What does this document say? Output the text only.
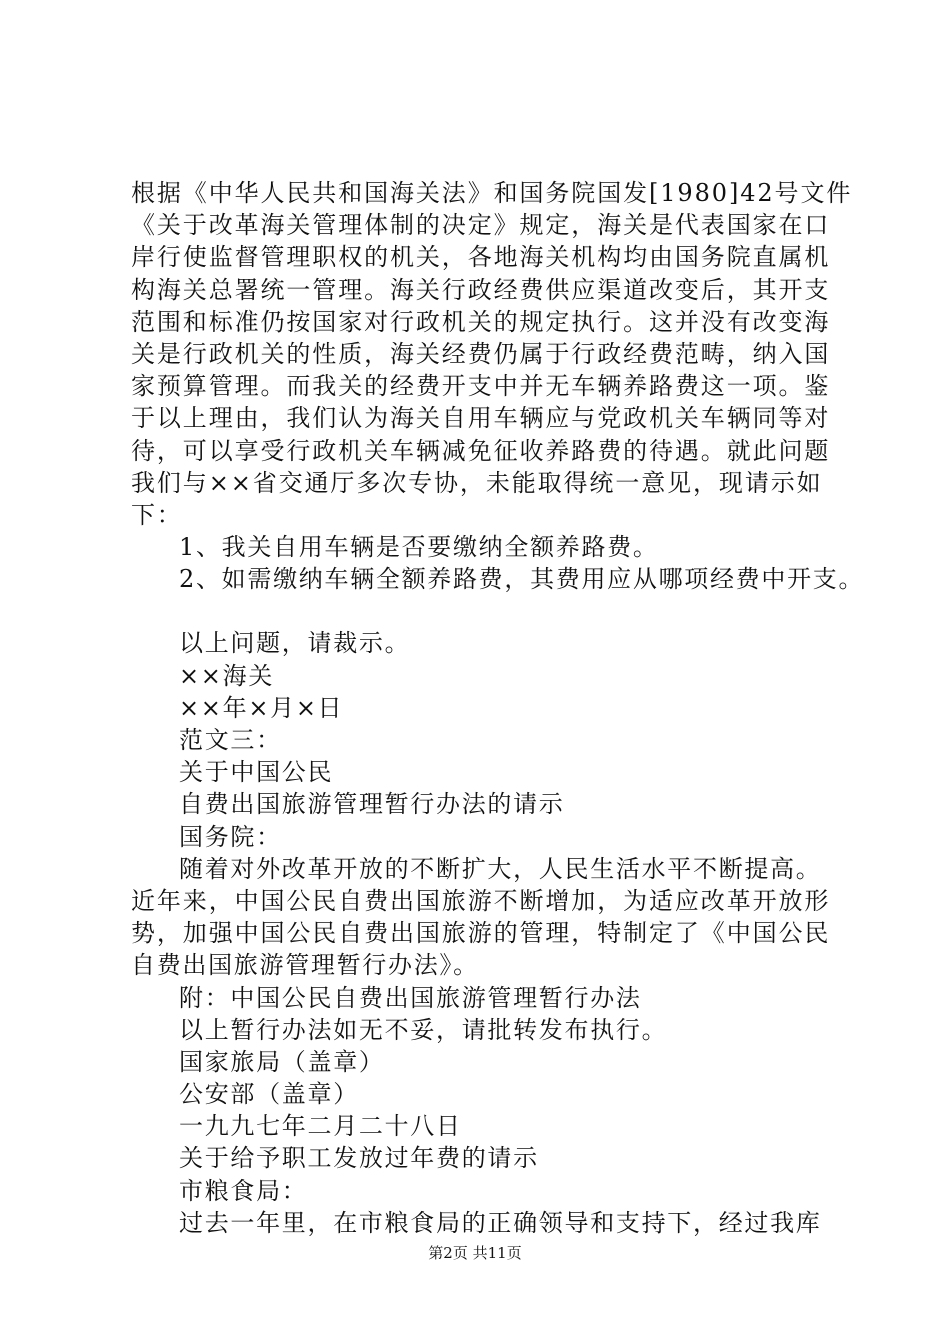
根据《中华人民共和国海关法》和国务院国发[1980]42号文件
《关于改革海关管理体制的决定》规定，海关是代表国家在口
岸行使监督管理职权的机关，各地海关机构均由国务院直属机
构海关总署统一管理。海关行政经费供应渠道改变后，其开支
范围和标准仍按国家对行政机关的规定执行。这并没有改变海
关是行政机关的性质，海关经费仍属于行政经费范畴，纳入国
家预算管理。而我关的经费开支中并无车辆养路费这一项。鉴
于以上理由，我们认为海关自用车辆应与党政机关车辆同等对
待，可以享受行政机关车辆减免征收养路费的待遇。就此问题
我们与××省交通厅多次专协，未能取得统一意见，现请示如
下：
1、我关自用车辆是否要缴纳全额养路费。
2、如需缴纳车辆全额养路费，其费用应从哪项经费中开支。
以上问题，请裁示。
××海关
××年×月×日
范文三：
关于中国公民
自费出国旅游管理暂行办法的请示
国务院：
随着对外改革开放的不断扩大，人民生活水平不断提高。
近年来，中国公民自费出国旅游不断增加，为适应改革开放形
势，加强中国公民自费出国旅游的管理，特制定了《中国公民
自费出国旅游管理暂行办法》。
附：中国公民自费出国旅游管理暂行办法
以上暂行办法如无不妥，请批转发布执行。
国家旅局（盖章）
公安部（盖章）
一九九七年二月二十八日
关于给予职工发放过年费的请示
市粮食局：
过去一年里，在市粮食局的正确领导和支持下，经过我库
第2页 共11页
